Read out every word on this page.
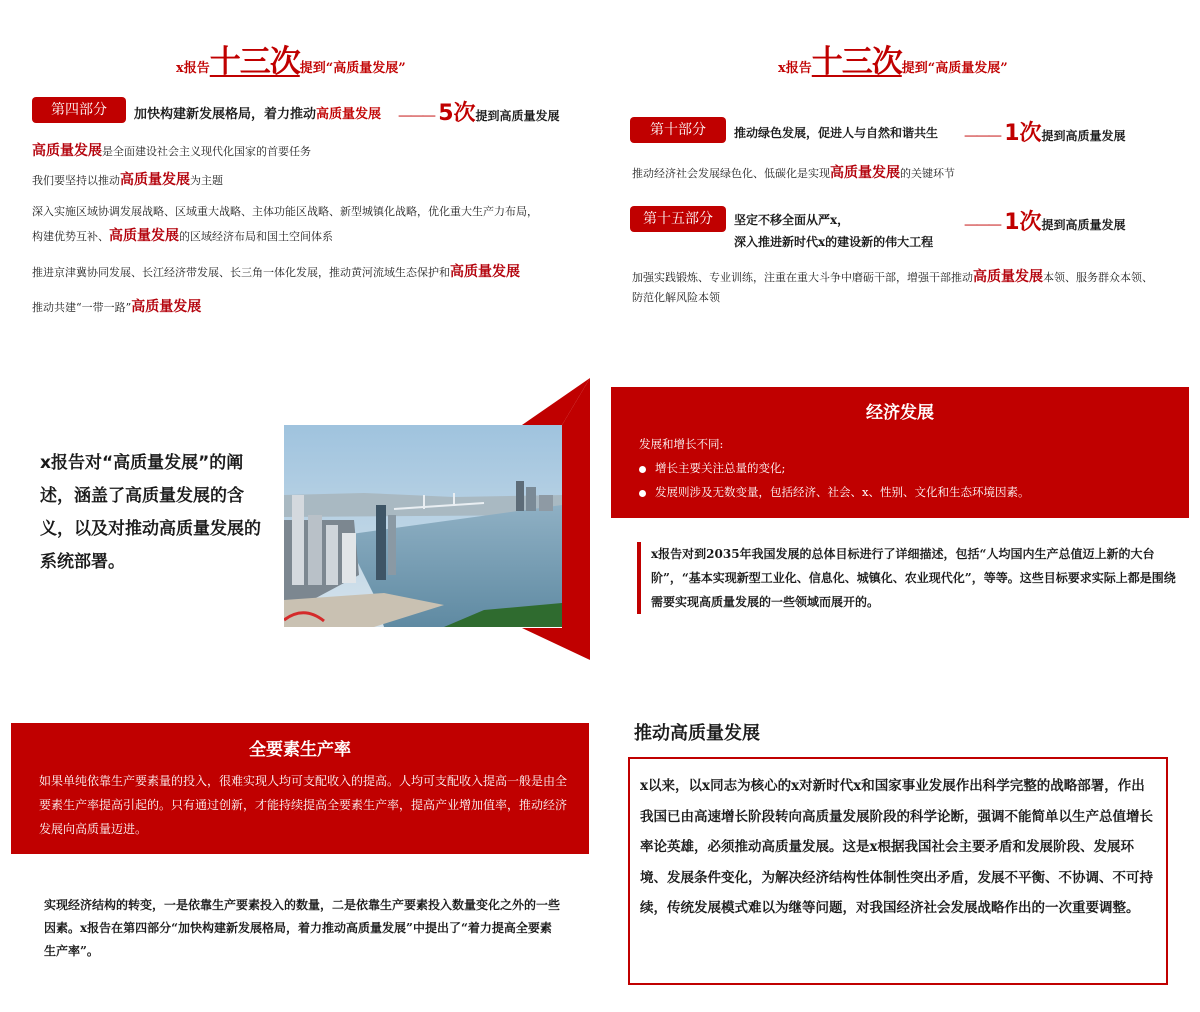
x报告十三次提到“高质量发展”
第四部分	加快构建新发展格局，着力推动高质量发展 ——— 5次提到高质量发展
高质量发展是全面建设社会主义现代化国家的首要任务
我们要坚持以推动高质量发展为主题
深入实施区域协调发展战略、区域重大战略、主体功能区战略、新型城镇化战略，优化重大生产力布局，
构建优势互补、高质量发展的区域经济布局和国土空间体系
推进京津冀协同发展、长江经济带发展、长三角一体化发展，推动黄河流域生态保护和高质量发展
推动共建“一带一路”高质量发展
x报告十三次提到“高质量发展”
第十部分	推动绿色发展，促进人与自然和谐共生 ——— 1次提到高质量发展
推动经济社会发展绿色化、低碳化是实现高质量发展的关键环节
第十五部分	坚定不移全面从严x，
深入推进新时代x的建设新的伟大工程
——— 1次提到高质量发展
加强实践锻炼、专业训练，注重在重大斗争中磨砺干部，增强干部推动高质量发展本领、服务群众本领、
防范化解风险本领
x报告对“高质量发展”的阐述，涵盖了高质量发展的含义，以及对推动高质量发展的系统部署。
经济发展
发展和增长不同:
增长主要关注总量的变化;
发展则涉及无数变量，包括经济、社会、x、性别、文化和生态环境因素。
x报告对到2035年我国发展的总体目标进行了详细描述，包括“人均国内生产总值迈上新的大台阶”，“基本实现新型工业化、信息化、城镇化、农业现代化”，等等。这些目标要求实际上都是围绕需要实现高质量发展的一些领域而展开的。
全要素生产率
如果单纯依靠生产要素量的投入，很难实现人均可支配收入的提高。人均可支配收入提高一般是由全要素生产率提高引起的。只有通过创新，才能持续提高全要素生产率，提高产业增加值率，推动经济发展向高质量迈进。
实现经济结构的转变，一是依靠生产要素投入的数量，二是依靠生产要素投入数量变化之外的一些因素。x报告在第四部分“加快构建新发展格局，着力推动高质量发展”中提出了“着力提高全要素生产率”。
推动高质量发展
x以来，以x同志为核心的x对新时代x和国家事业发展作出科学完整的战略部署，作出我国已由高速增长阶段转向高质量发展阶段的科学论断，强调不能简单以生产总值增长率论英雄，必须推动高质量发展。这是x根据我国社会主要矛盾和发展阶段、发展环境、发展条件变化，为解决经济结构性体制性突出矛盾，发展不平衡、不协调、不可持续，传统发展模式难以为继等问题，对我国经济社会发展战略作出的一次重要调整。
